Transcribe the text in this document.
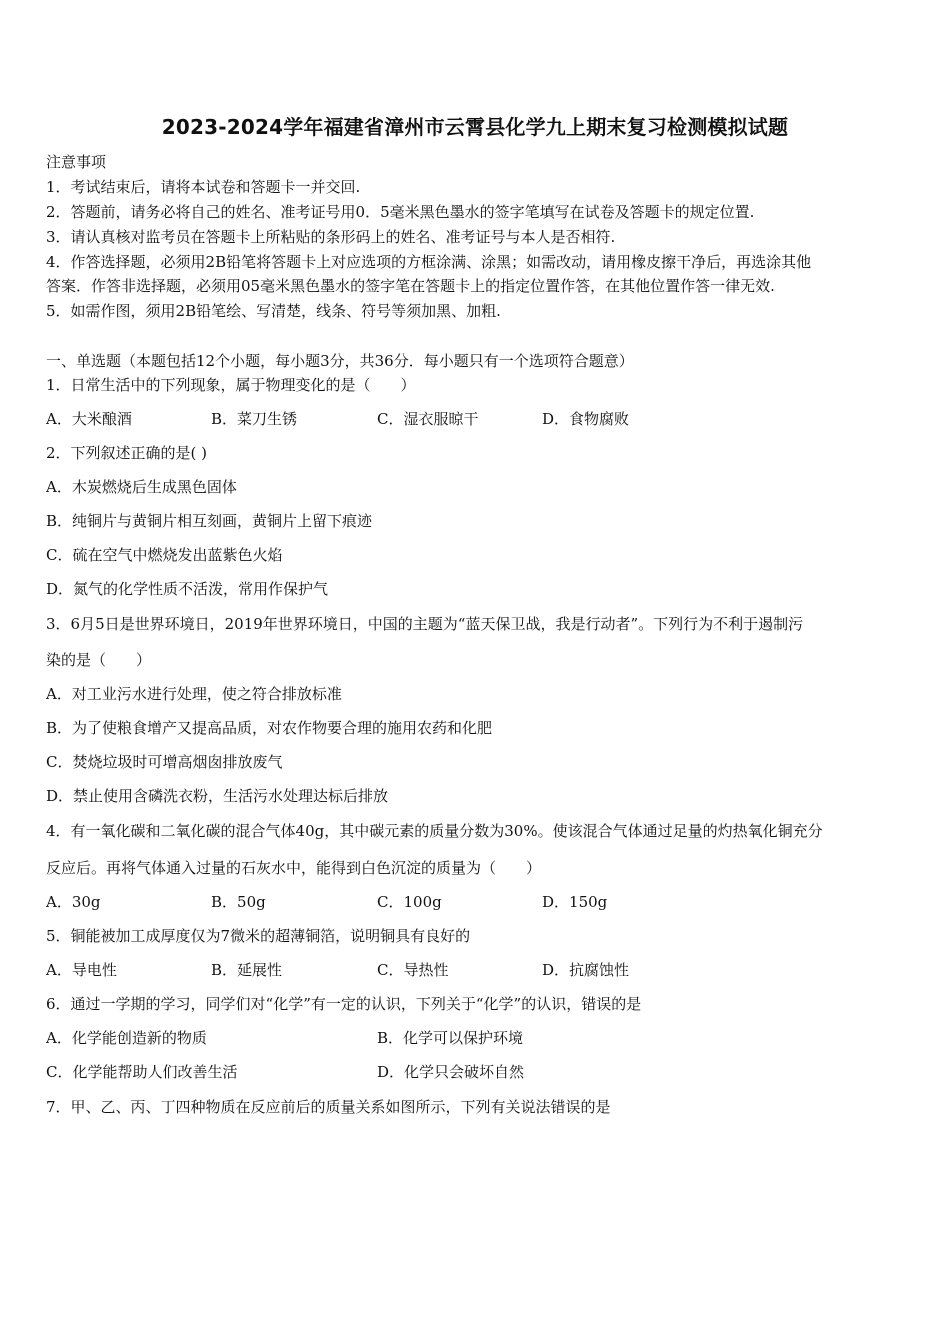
2023-2024学年福建省漳州市云霄县化学九上期末复习检测模拟试题
注意事项
1．考试结束后，请将本试卷和答题卡一并交回.
2．答题前，请务必将自己的姓名、准考证号用0．5毫米黑色墨水的签字笔填写在试卷及答题卡的规定位置.
3．请认真核对监考员在答题卡上所粘贴的条形码上的姓名、准考证号与本人是否相符.
4．作答选择题，必须用2B铅笔将答题卡上对应选项的方框涂满、涂黑；如需改动，请用橡皮擦干净后，再选涂其他
答案．作答非选择题，必须用05毫米黑色墨水的签字笔在答题卡上的指定位置作答，在其他位置作答一律无效.
5．如需作图，须用2B铅笔绘、写清楚，线条、符号等须加黑、加粗.
一、单选题（本题包括12个小题，每小题3分，共36分．每小题只有一个选项符合题意）
1．日常生活中的下列现象，属于物理变化的是（　　）
A．大米酿酒	B．菜刀生锈	C．湿衣服晾干	D．食物腐败
2．下列叙述正确的是( )
A．木炭燃烧后生成黑色固体
B．纯铜片与黄铜片相互刻画，黄铜片上留下痕迹
C．硫在空气中燃烧发出蓝紫色火焰
D．氮气的化学性质不活泼，常用作保护气
3．6月5日是世界环境日，2019年世界环境日，中国的主题为“蓝天保卫战，我是行动者”。下列行为不利于遏制污
染的是（　　）
A．对工业污水进行处理，使之符合排放标准
B．为了使粮食增产又提高品质，对农作物要合理的施用农药和化肥
C．焚烧垃圾时可增高烟囱排放废气
D．禁止使用含磷洗衣粉，生活污水处理达标后排放
4．有一氧化碳和二氧化碳的混合气体40g，其中碳元素的质量分数为30%。使该混合气体通过足量的灼热氧化铜充分
反应后。再将气体通入过量的石灰水中，能得到白色沉淀的质量为（　　）
A．30g	B．50g	C．100g	D．150g
5．铜能被加工成厚度仅为7微米的超薄铜箔，说明铜具有良好的
A．导电性	B．延展性	C．导热性	D．抗腐蚀性
6．通过一学期的学习，同学们对“化学”有一定的认识，下列关于“化学”的认识，错误的是
A．化学能创造新的物质	B．化学可以保护环境
C．化学能帮助人们改善生活	D．化学只会破坏自然
7．甲、乙、丙、丁四种物质在反应前后的质量关系如图所示，下列有关说法错误的是
